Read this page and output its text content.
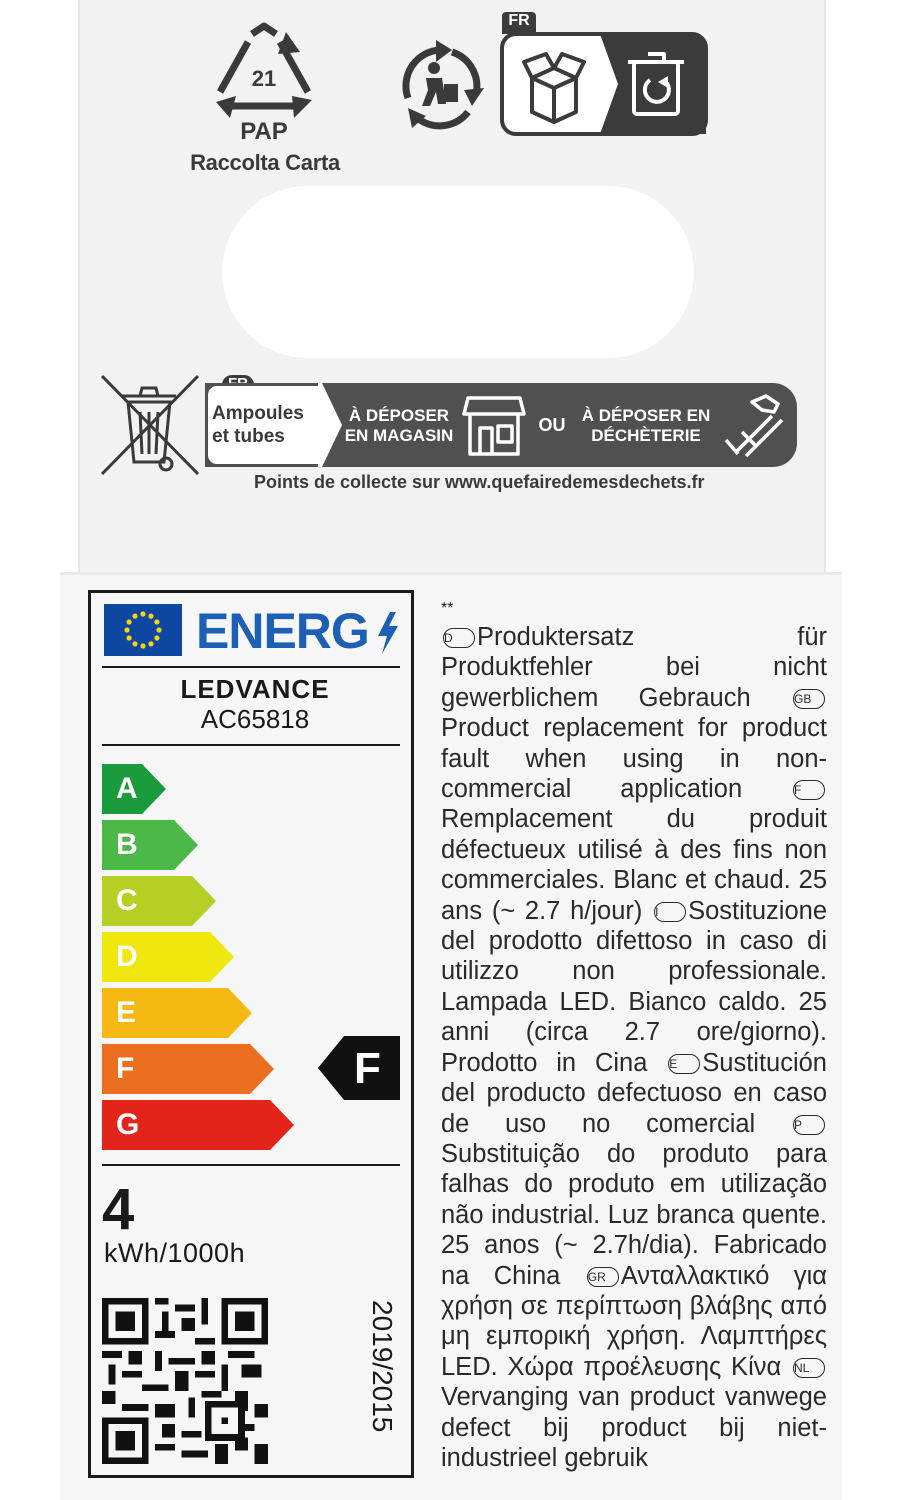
21
PAP
Raccolta Carta
FR
Ampoules et tubes
À DÉPOSER EN MAGASIN
OU À DÉPOSER EN DÉCHÈTERIE
Points de collecte sur www.quefairedemesdechets.fr
ENERG
LEDVANCE
AC65818
A
B
C
D
E
F
G
F
4
kWh/1000h
2019/2015
**
D Produktersatz für Produktfehler bei nicht gewerblichem Gebrauch	GBProduct replacement for product fault when using in non-commercial application	FRemplacement du produit défectueux utilisé à des fins non commerciales. Blanc et chaud. 25 ans (~ 2.7 h/jour) I Sostituzione del prodotto difettoso in caso di utilizzo non professionale. Lampada LED. Bianco caldo. 25 anni (circa 2.7 ore/giorno). Prodotto in Cina E Sustitución del producto defectuoso en caso de uso no comercial	PSubstituição do produto para falhas do produto em utilização não industrial. Luz branca quente. 25 anos (~ 2.7h/dia). Fabricado na China GR Ανταλλακτικό για χρήση σε περίπτωση βλάβης από μη εμπορική χρήση. Λαμπτήρες LED. Χώρα προέλευσης Κίνα NLVervanging van product vanwege defect bij product bij niet-industrieel gebruik
